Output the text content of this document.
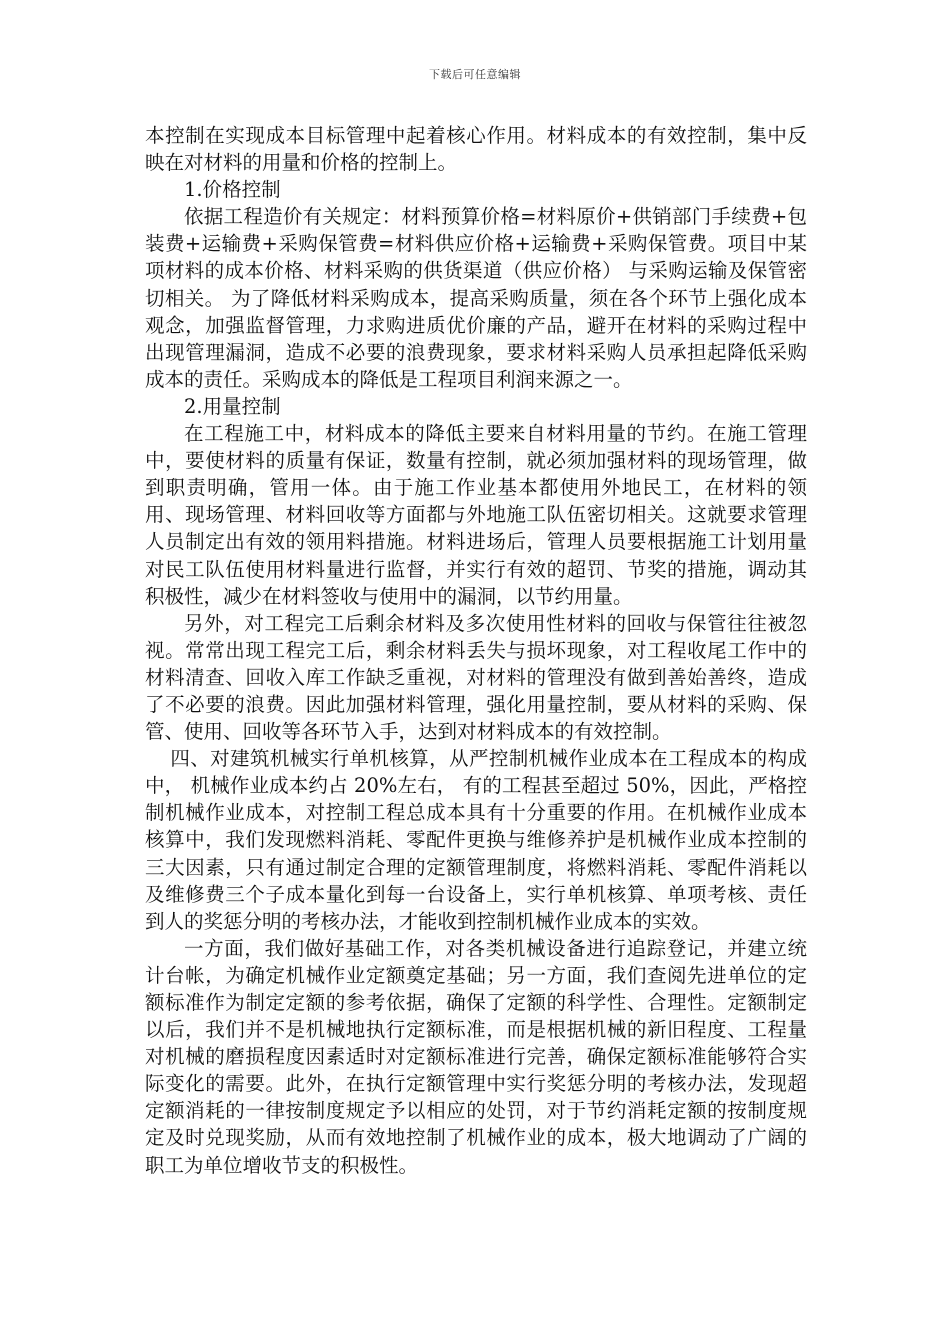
下载后可任意编辑

本控制在实现成本目标管理中起着核心作用。材料成本的有效控制，集中反映在对材料的用量和价格的控制上。

1.价格控制

依据工程造价有关规定：材料预算价格=材料原价+供销部门手续费+包装费+运输费+采购保管费=材料供应价格+运输费+采购保管费。项目中某项材料的成本价格、材料采购的供货渠道（供应价格） 与采购运输及保管密切相关。 为了降低材料采购成本，提高采购质量，须在各个环节上强化成本观念，加强监督管理，力求购进质优价廉的产品，避开在材料的采购过程中出现管理漏洞，造成不必要的浪费现象，要求材料采购人员承担起降低采购成本的责任。采购成本的降低是工程项目利润来源之一。

2.用量控制

在工程施工中，材料成本的降低主要来自材料用量的节约。在施工管理中，要使材料的质量有保证，数量有控制，就必须加强材料的现场管理，做到职责明确，管用一体。由于施工作业基本都使用外地民工，在材料的领用、现场管理、材料回收等方面都与外地施工队伍密切相关。这就要求管理人员制定出有效的领用料措施。材料进场后，管理人员要根据施工计划用量对民工队伍使用材料量进行监督，并实行有效的超罚、节奖的措施，调动其积极性，减少在材料签收与使用中的漏洞，以节约用量。

另外，对工程完工后剩余材料及多次使用性材料的回收与保管往往被忽视。常常出现工程完工后，剩余材料丢失与损坏现象，对工程收尾工作中的材料清查、回收入库工作缺乏重视，对材料的管理没有做到善始善终，造成了不必要的浪费。因此加强材料管理，强化用量控制，要从材料的采购、保管、使用、回收等各环节入手，达到对材料成本的有效控制。

四、对建筑机械实行单机核算，从严控制机械作业成本在工程成本的构成中， 机械作业成本约占 20%左右， 有的工程甚至超过 50%，因此，严格控制机械作业成本，对控制工程总成本具有十分重要的作用。在机械作业成本核算中，我们发现燃料消耗、零配件更换与维修养护是机械作业成本控制的三大因素，只有通过制定合理的定额管理制度，将燃料消耗、零配件消耗以及维修费三个子成本量化到每一台设备上，实行单机核算、单项考核、责任到人的奖惩分明的考核办法，才能收到控制机械作业成本的实效。

一方面，我们做好基础工作，对各类机械设备进行追踪登记，并建立统计台帐，为确定机械作业定额奠定基础；另一方面，我们查阅先进单位的定额标准作为制定定额的参考依据，确保了定额的科学性、合理性。定额制定以后，我们并不是机械地执行定额标准，而是根据机械的新旧程度、工程量对机械的磨损程度因素适时对定额标准进行完善，确保定额标准能够符合实际变化的需要。此外，在执行定额管理中实行奖惩分明的考核办法，发现超定额消耗的一律按制度规定予以相应的处罚，对于节约消耗定额的按制度规定及时兑现奖励，从而有效地控制了机械作业的成本，极大地调动了广阔的职工为单位增收节支的积极性。
